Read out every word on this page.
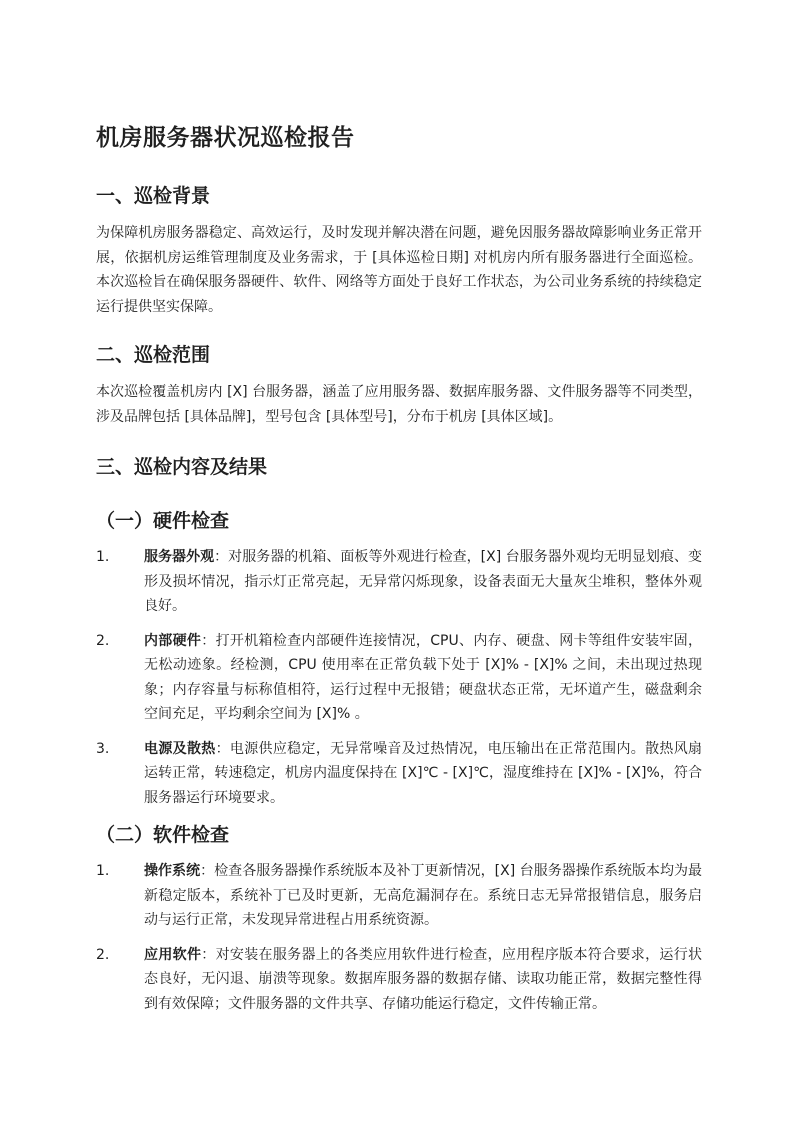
机房服务器状况巡检报告
一、巡检背景

为保障机房服务器稳定、高效运行，及时发现并解决潜在问题，避免因服务器故障影响业务正常开展，依据机房运维管理制度及业务需求，于 [具体巡检日期] 对机房内所有服务器进行全面巡检。本次巡检旨在确保服务器硬件、软件、网络等方面处于良好工作状态，为公司业务系统的持续稳定运行提供坚实保障。

二、巡检范围

本次巡检覆盖机房内 [X] 台服务器，涵盖了应用服务器、数据库服务器、文件服务器等不同类型，涉及品牌包括 [具体品牌]，型号包含 [具体型号]，分布于机房 [具体区域]。

三、巡检内容及结果
（一）硬件检查
1. 服务器外观：对服务器的机箱、面板等外观进行检查，[X] 台服务器外观均无明显划痕、变形及损坏情况，指示灯正常亮起，无异常闪烁现象，设备表面无大量灰尘堆积，整体外观良好。
2. 内部硬件：打开机箱检查内部硬件连接情况，CPU、内存、硬盘、网卡等组件安装牢固，无松动迹象。经检测，CPU 使用率在正常负载下处于 [X]% - [X]% 之间，未出现过热现象；内存容量与标称值相符，运行过程中无报错；硬盘状态正常，无坏道产生，磁盘剩余空间充足，平均剩余空间为 [X]% 。
3. 电源及散热：电源供应稳定，无异常噪音及过热情况，电压输出在正常范围内。散热风扇运转正常，转速稳定，机房内温度保持在 [X]℃ - [X]℃，湿度维持在 [X]% - [X]%，符合服务器运行环境要求。
（二）软件检查
1. 操作系统：检查各服务器操作系统版本及补丁更新情况，[X] 台服务器操作系统版本均为最新稳定版本，系统补丁已及时更新，无高危漏洞存在。系统日志无异常报错信息，服务启动与运行正常，未发现异常进程占用系统资源。
2. 应用软件：对安装在服务器上的各类应用软件进行检查，应用程序版本符合要求，运行状态良好，无闪退、崩溃等现象。数据库服务器的数据存储、读取功能正常，数据完整性得到有效保障；文件服务器的文件共享、存储功能运行稳定，文件传输正常。
